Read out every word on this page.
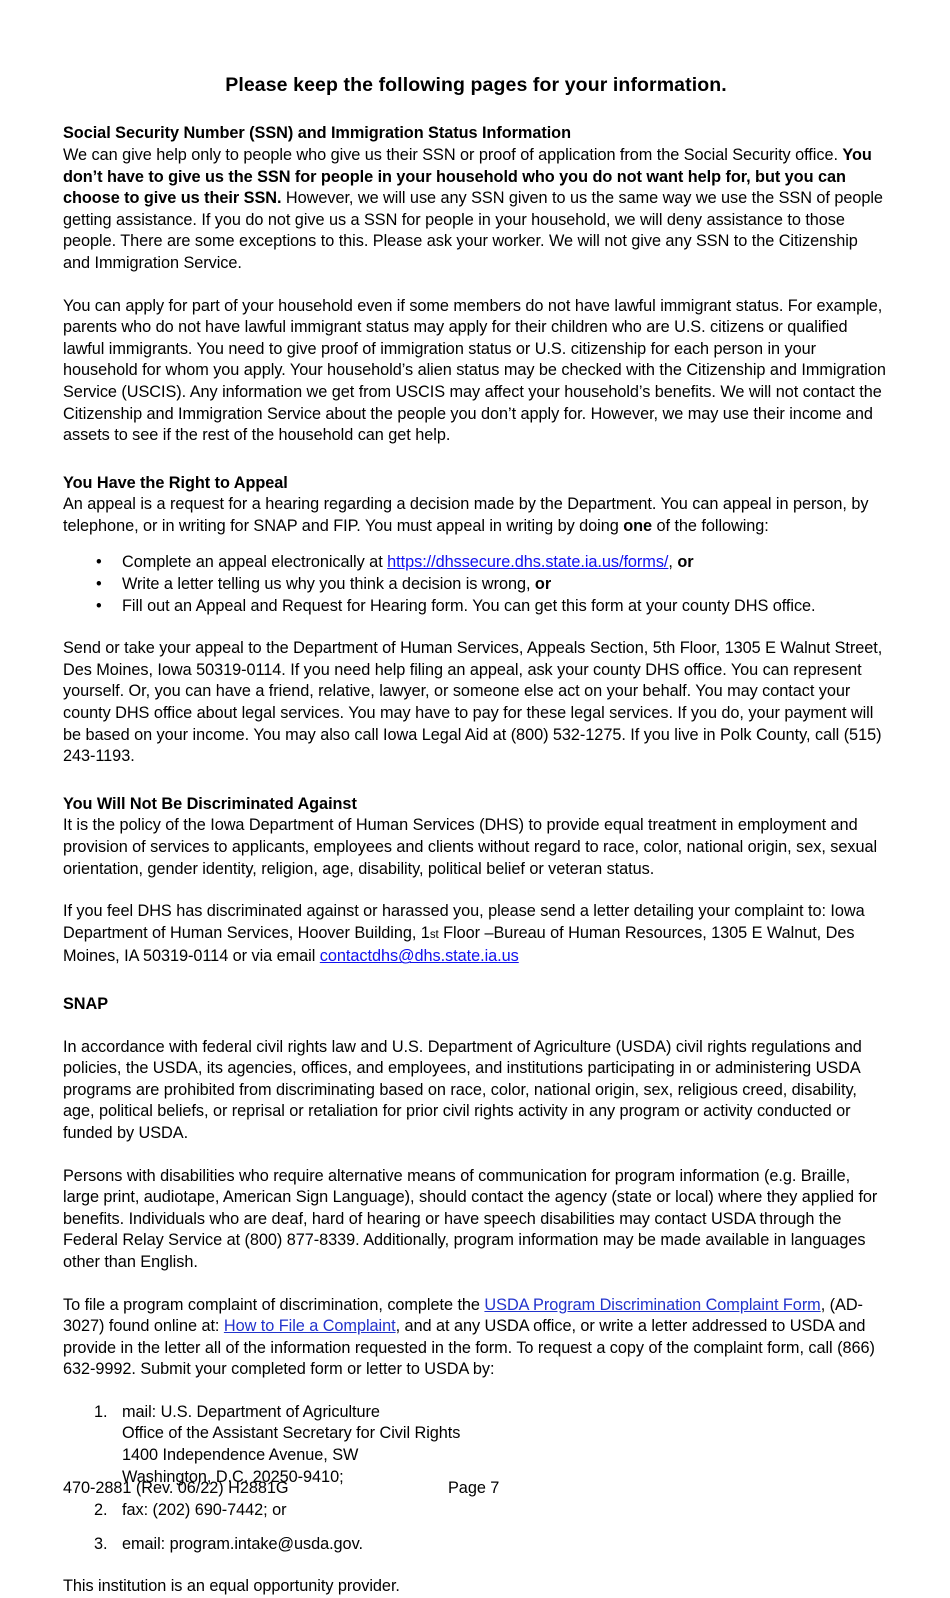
Please keep the following pages for your information.
Social Security Number (SSN) and Immigration Status Information

We can give help only to people who give us their SSN or proof of application from the Social Security office. You don’t have to give us the SSN for people in your household who you do not want help for, but you can choose to give us their SSN. However, we will use any SSN given to us the same way we use the SSN of people getting assistance. If you do not give us a SSN for people in your household, we will deny assistance to those people. There are some exceptions to this. Please ask your worker. We will not give any SSN to the Citizenship and Immigration Service.

You can apply for part of your household even if some members do not have lawful immigrant status. For example, parents who do not have lawful immigrant status may apply for their children who are U.S. citizens or qualified lawful immigrants. You need to give proof of immigration status or U.S. citizenship for each person in your household for whom you apply. Your household’s alien status may be checked with the Citizenship and Immigration Service (USCIS). Any information we get from USCIS may affect your household’s benefits. We will not contact the Citizenship and Immigration Service about the people you don’t apply for. However, we may use their income and assets to see if the rest of the household can get help.

You Have the Right to Appeal

An appeal is a request for a hearing regarding a decision made by the Department. You can appeal in person, by telephone, or in writing for SNAP and FIP. You must appeal in writing by doing one of the following:

• Complete an appeal electronically at https://dhssecure.dhs.state.ia.us/forms/, or
• Write a letter telling us why you think a decision is wrong, or
• Fill out an Appeal and Request for Hearing form. You can get this form at your county DHS office.

Send or take your appeal to the Department of Human Services, Appeals Section, 5th Floor, 1305 E Walnut Street, Des Moines, Iowa 50319-0114. If you need help filing an appeal, ask your county DHS office. You can represent yourself. Or, you can have a friend, relative, lawyer, or someone else act on your behalf. You may contact your county DHS office about legal services. You may have to pay for these legal services. If you do, your payment will be based on your income. You may also call Iowa Legal Aid at (800) 532-1275. If you live in Polk County, call (515) 243-1193.

You Will Not Be Discriminated Against

It is the policy of the Iowa Department of Human Services (DHS) to provide equal treatment in employment and provision of services to applicants, employees and clients without regard to race, color, national origin, sex, sexual orientation, gender identity, religion, age, disability, political belief or veteran status.

If you feel DHS has discriminated against or harassed you, please send a letter detailing your complaint to: Iowa Department of Human Services, Hoover Building, 1st Floor –Bureau of Human Resources, 1305 E Walnut, Des Moines, IA 50319-0114 or via email contactdhs@dhs.state.ia.us

SNAP

In accordance with federal civil rights law and U.S. Department of Agriculture (USDA) civil rights regulations and policies, the USDA, its agencies, offices, and employees, and institutions participating in or administering USDA programs are prohibited from discriminating based on race, color, national origin, sex, religious creed, disability, age, political beliefs, or reprisal or retaliation for prior civil rights activity in any program or activity conducted or funded by USDA.

Persons with disabilities who require alternative means of communication for program information (e.g. Braille, large print, audiotape, American Sign Language), should contact the agency (state or local) where they applied for benefits. Individuals who are deaf, hard of hearing or have speech disabilities may contact USDA through the Federal Relay Service at (800) 877-8339. Additionally, program information may be made available in languages other than English.

To file a program complaint of discrimination, complete the USDA Program Discrimination Complaint Form, (AD-3027) found online at: How to File a Complaint, and at any USDA office, or write a letter addressed to USDA and provide in the letter all of the information requested in the form. To request a copy of the complaint form, call (866) 632-9992. Submit your completed form or letter to USDA by:

1. mail: U.S. Department of Agriculture
Office of the Assistant Secretary for Civil Rights
1400 Independence Avenue, SW
Washington, D.C. 20250-9410;
2. fax: (202) 690-7442; or
3. email: program.intake@usda.gov.

This institution is an equal opportunity provider.

470-2881 (Rev. 06/22) H2881G	Page 7
